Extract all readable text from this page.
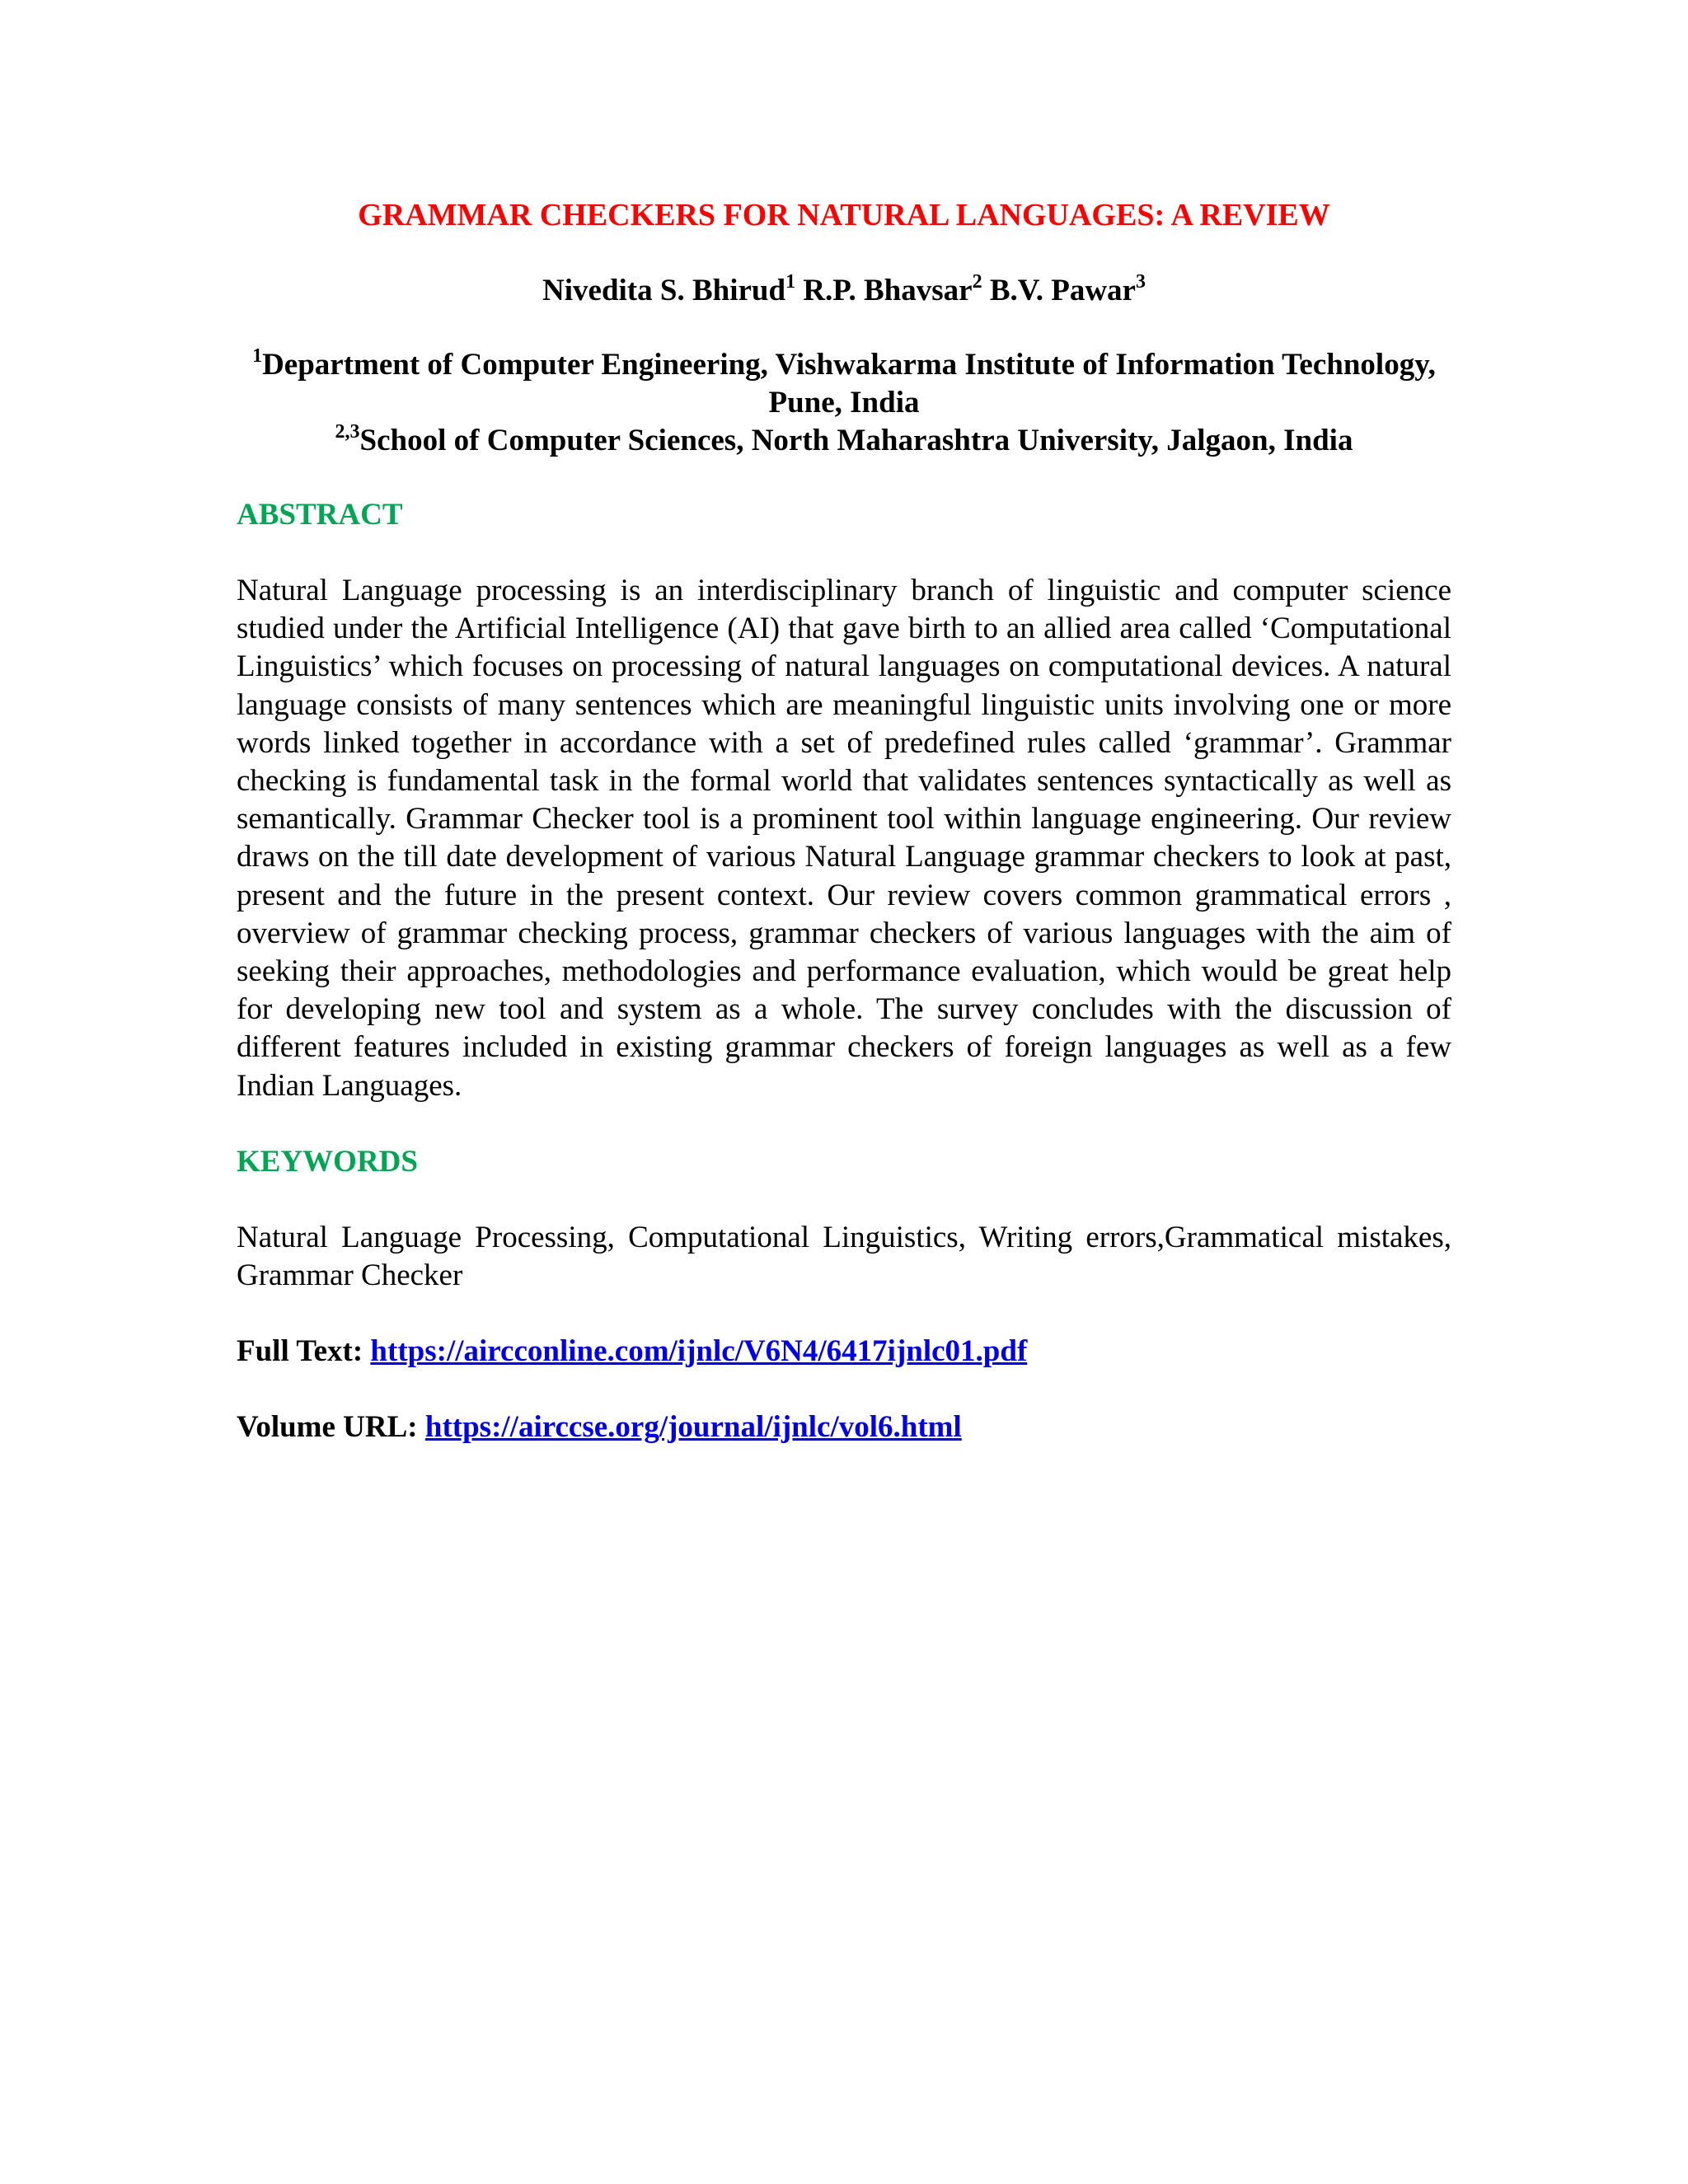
GRAMMAR CHECKERS FOR NATURAL LANGUAGES: A REVIEW

Nivedita S. Bhirud$^1$ R.P. Bhavsar$^2$ B.V. Pawar$^3$

$^1$Department of Computer Engineering, Vishwakarma Institute of Information Technology, Pune, India

$^{2,3}$School of Computer Sciences, North Maharashtra University, Jalgaon, India

ABSTRACT

Natural Language processing is an interdisciplinary branch of linguistic and computer science studied under the Artificial Intelligence (AI) that gave birth to an allied area called ‘Computational Linguistics’ which focuses on processing of natural languages on computational devices. A natural language consists of many sentences which are meaningful linguistic units involving one or more words linked together in accordance with a set of predefined rules called ‘grammar’. Grammar checking is fundamental task in the formal world that validates sentences syntactically as well as semantically. Grammar Checker tool is a prominent tool within language engineering. Our review draws on the till date development of various Natural Language grammar checkers to look at past, present and the future in the present context. Our review covers common grammatical errors , overview of grammar checking process, grammar checkers of various languages with the aim of seeking their approaches, methodologies and performance evaluation, which would be great help for developing new tool and system as a whole. The survey concludes with the discussion of different features included in existing grammar checkers of foreign languages as well as a few Indian Languages.

KEYWORDS

Natural Language Processing, Computational Linguistics, Writing errors,Grammatical mistakes, Grammar Checker

Full Text: https://aircconline.com/ijnlc/V6N4/6417ijnlc01.pdf

Volume URL: https://airccse.org/journal/ijnlc/vol6.html
